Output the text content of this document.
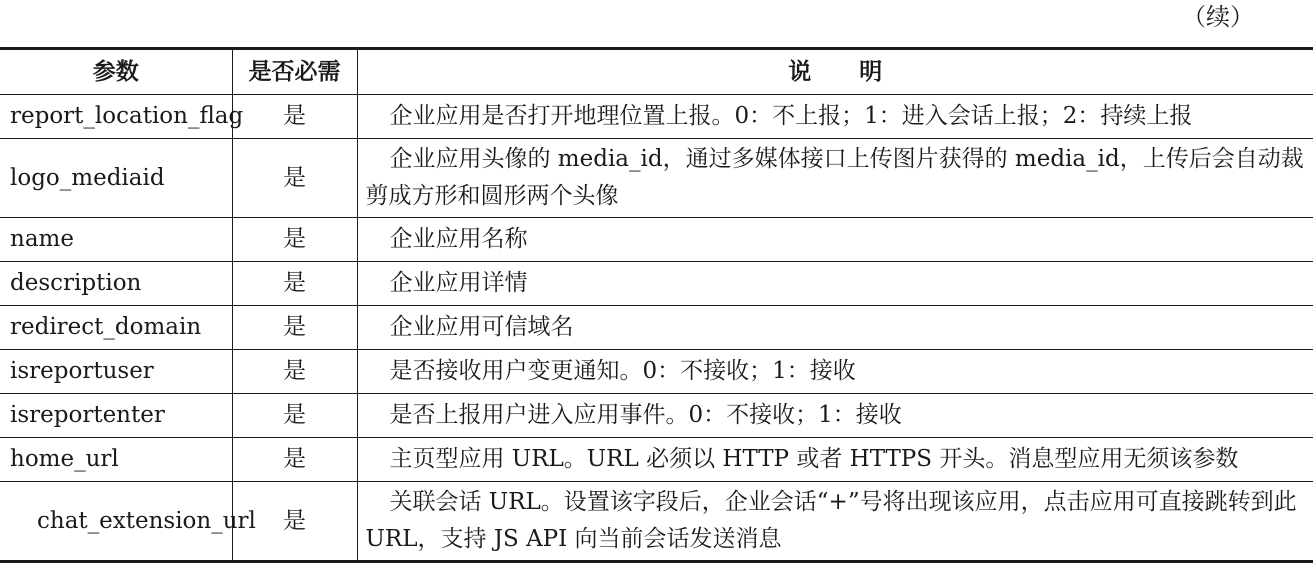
（续）
参数	是否必需	说 明
report_location_flag	是	企业应用是否打开地理位置上报。0：不上报；1：进入会话上报；2：持续上报
logo_mediaid	是	企业应用头像的 media_id，通过多媒体接口上传图片获得的 media_id，上传后会自动裁剪成方形和圆形两个头像
name	是	企业应用名称
description	是	企业应用详情
redirect_domain	是	企业应用可信域名
isreportuser	是	是否接收用户变更通知。0：不接收；1：接收
isreportenter	是	是否上报用户进入应用事件。0：不接收；1：接收
home_url	是	主页型应用 URL。URL 必须以 HTTP 或者 HTTPS 开头。消息型应用无须该参数
chat_extension_url	是	关联会话 URL。设置该字段后，企业会话“+”号将出现该应用，点击应用可直接跳转到此 URL，支持 JS API 向当前会话发送消息
